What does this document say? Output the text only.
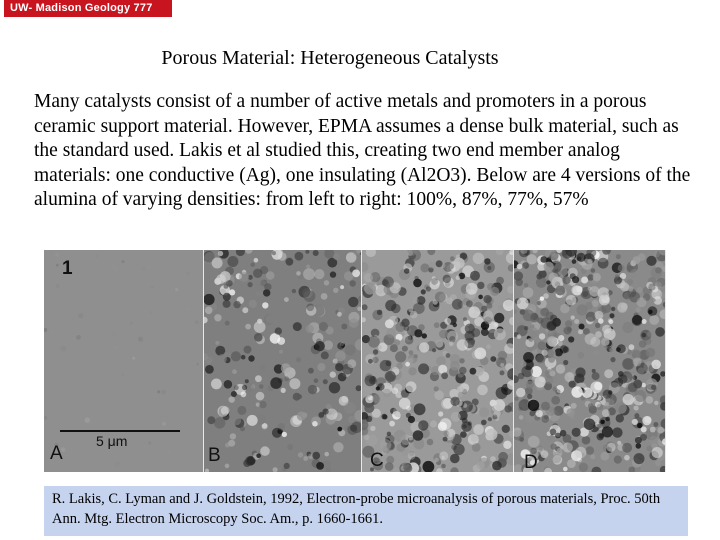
UW- Madison Geology 777
Porous Material: Heterogeneous Catalysts
Many catalysts consist of a number of active metals and promoters in a porous ceramic support material. However, EPMA assumes a dense bulk material, such as the standard used. Lakis et al studied this, creating two end member analog materials: one conductive (Ag), one insulating (Al2O3). Below are 4 versions of the alumina of varying densities: from left to right: 100%, 87%, 77%, 57%
1
5 μm
A	B	C	D
R. Lakis, C. Lyman and J. Goldstein, 1992, Electron-probe microanalysis of porous materials, Proc. 50th Ann. Mtg. Electron Microscopy Soc. Am., p. 1660-1661.
